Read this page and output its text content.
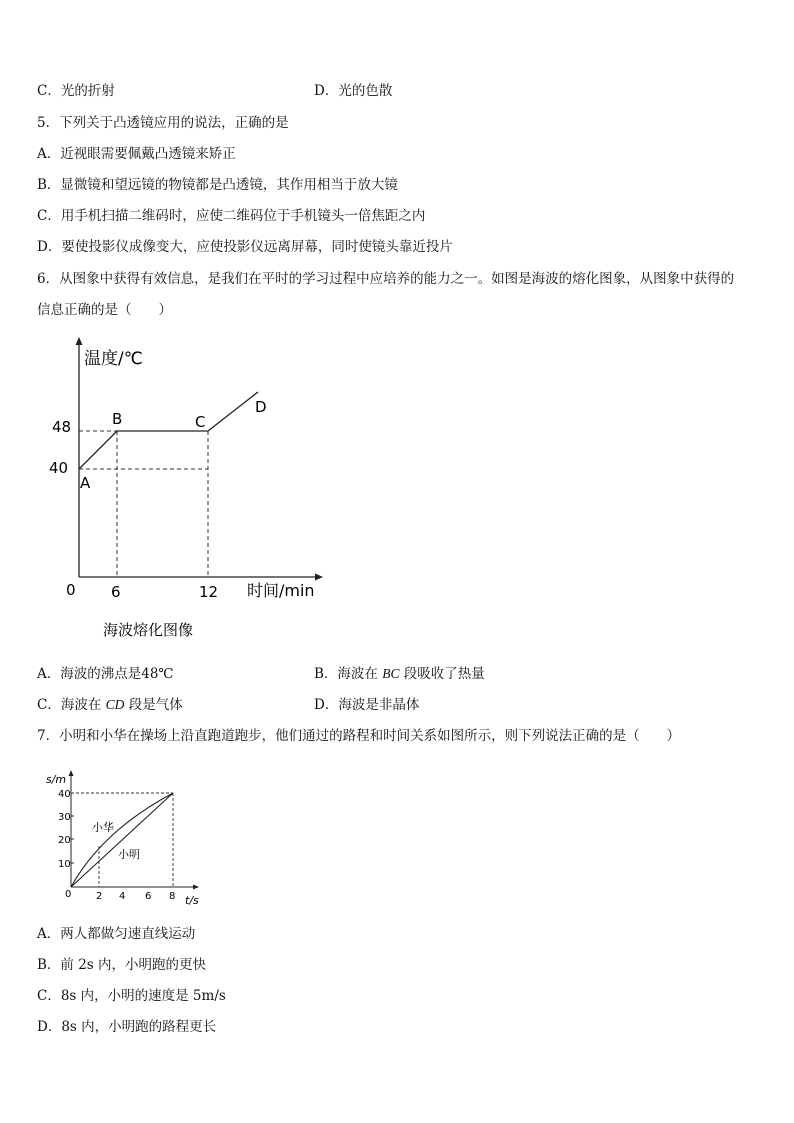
C．光的折射	D．光的色散
5．下列关于凸透镜应用的说法，正确的是
A．近视眼需要佩戴凸透镜来矫正
B．显微镜和望远镜的物镜都是凸透镜，其作用相当于放大镜
C．用手机扫描二维码时，应使二维码位于手机镜头一倍焦距之内
D．要使投影仪成像变大，应使投影仪远离屏幕，同时使镜头靠近投片
6．从图象中获得有效信息，是我们在平时的学习过程中应培养的能力之一。如图是海波的熔化图象，从图象中获得的
信息正确的是（　　）
温度/℃
时间/min
0
48
40
6	12
A
B	C
D
海波熔化图像
A．海波的沸点是48℃	B．海波在 BC 段吸收了热量
C．海波在 CD 段是气体	D．海波是非晶体
7．小明和小华在操场上沿直跑道跑步，他们通过的路程和时间关系如图所示，则下列说法正确的是（　　）
s/m
t/s
0
10
20
30
40
2 4 6 8
小华
小明
A．两人都做匀速直线运动
B．前 2s 内，小明跑的更快
C．8s 内，小明的速度是 5m/s
D．8s 内，小明跑的路程更长
